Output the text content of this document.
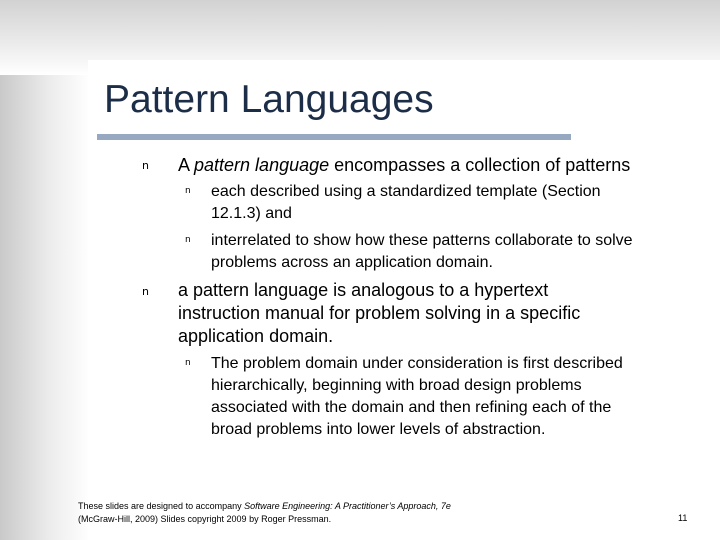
Pattern Languages
n A pattern language encompasses a collection of patterns
n each described using a standardized template (Section
12.1.3) and
n interrelated to show how these patterns collaborate to solve
problems across an application domain.
n a pattern language is analogous to a hypertext
instruction manual for problem solving in a specific
application domain.
n The problem domain under consideration is first described
hierarchically, beginning with broad design problems
associated with the domain and then refining each of the
broad problems into lower levels of abstraction.
These slides are designed to accompany Software Engineering: A Practitioner’s Approach, 7e
(McGraw-Hill, 2009) Slides copyright 2009 by Roger Pressman.	11
